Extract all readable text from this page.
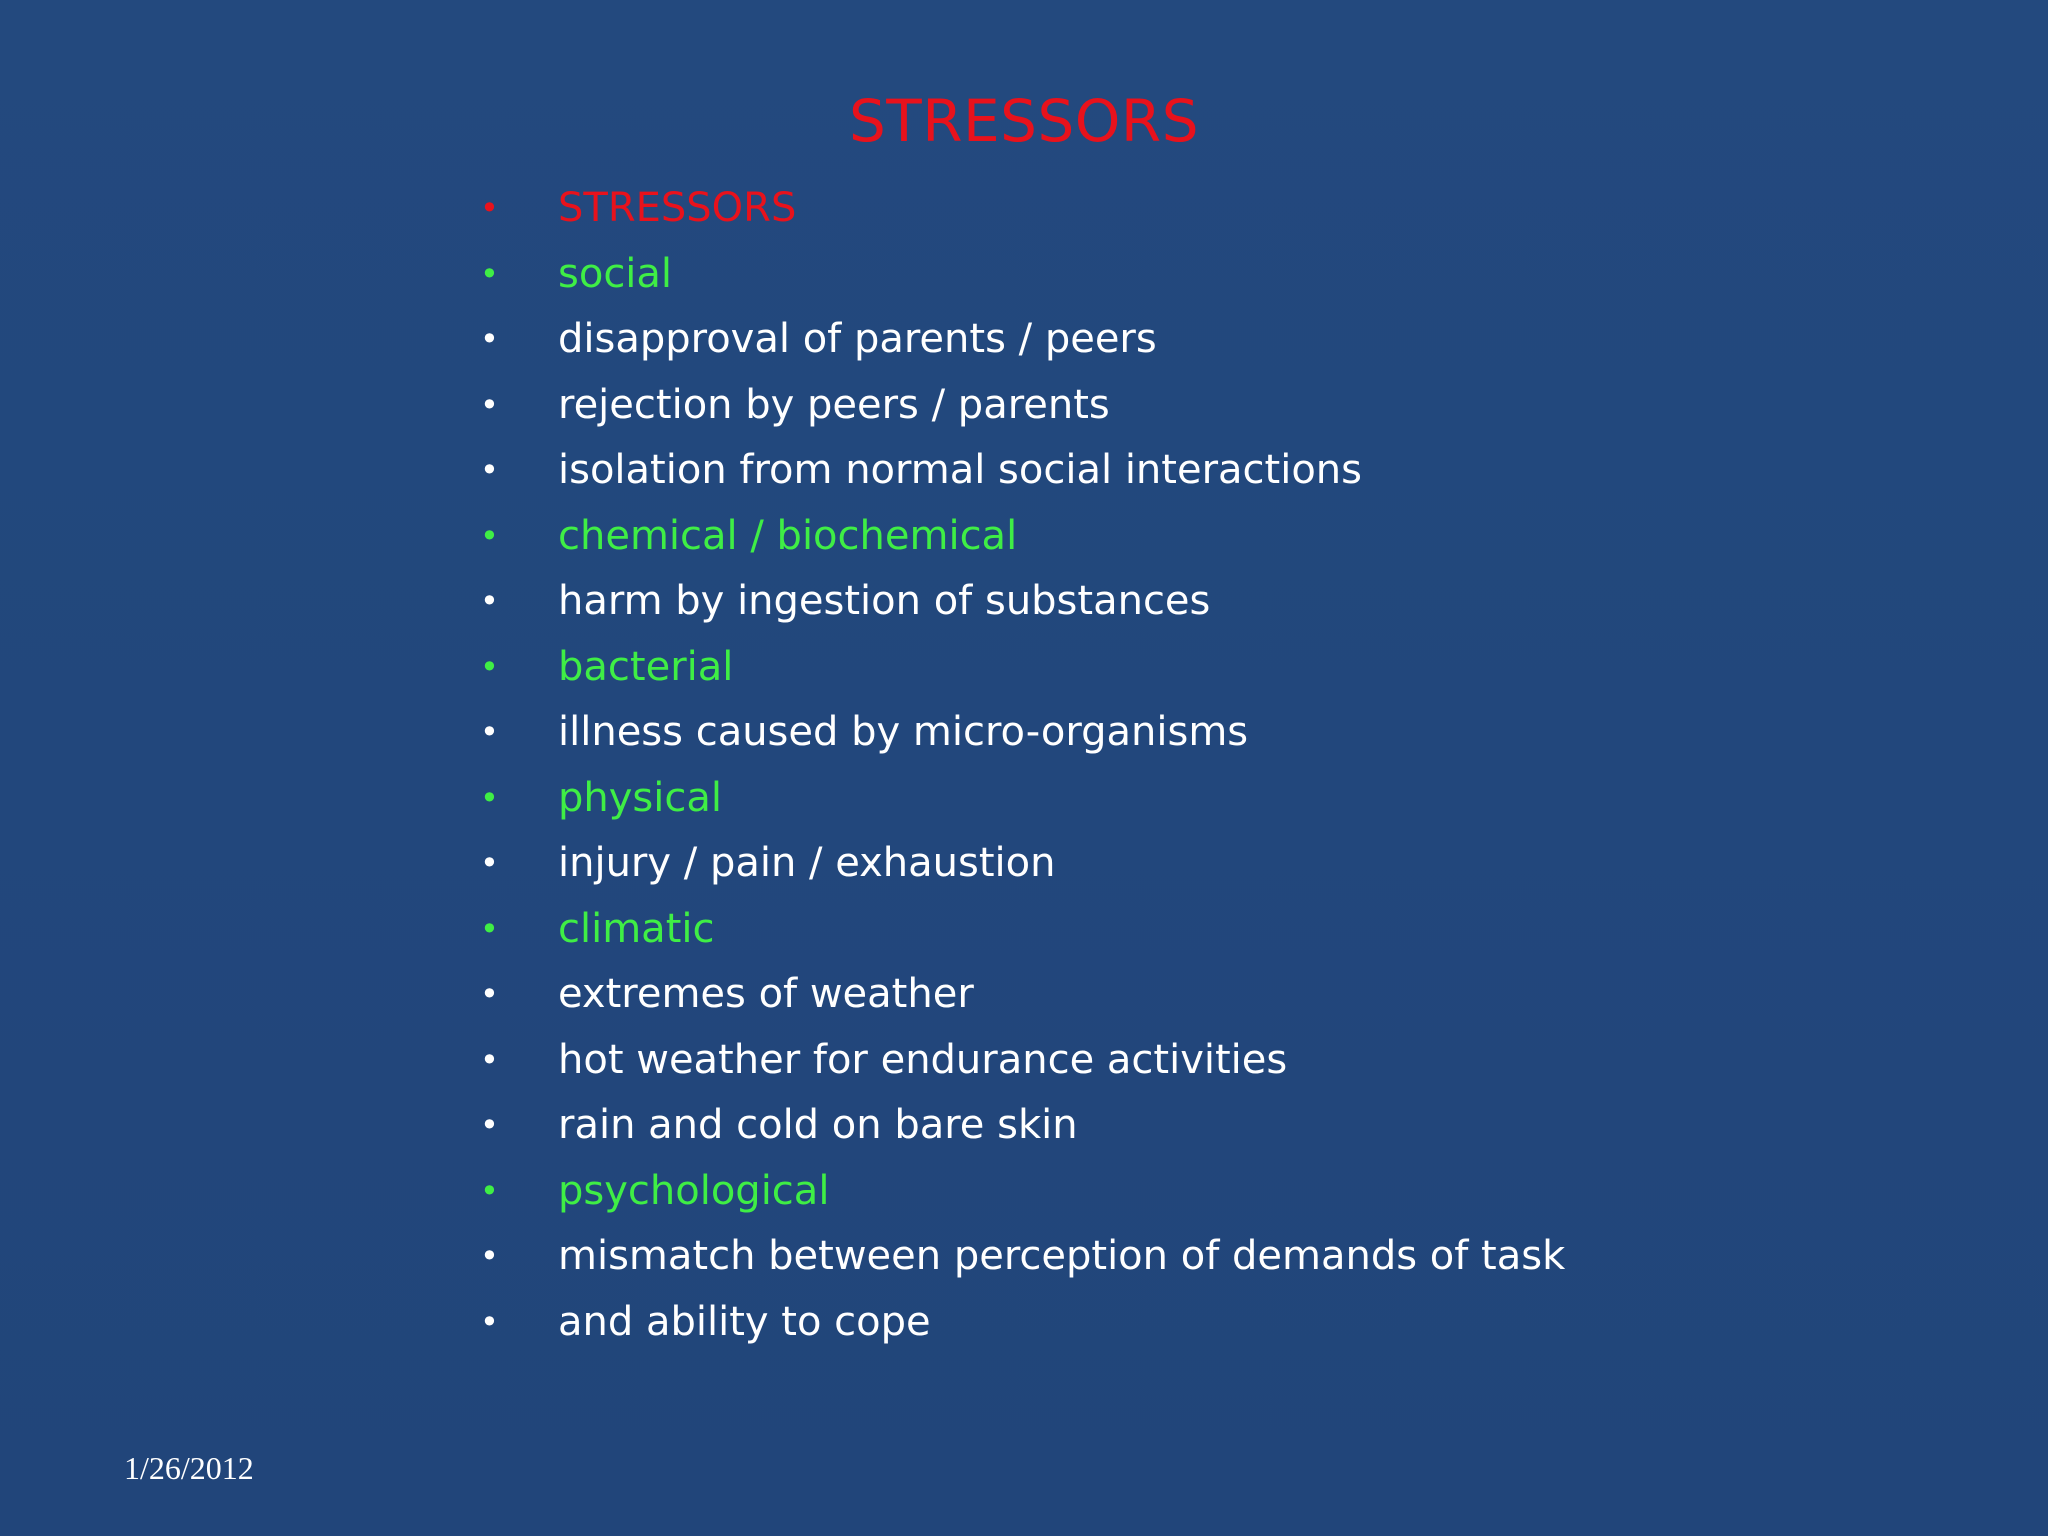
STRESSORS
• STRESSORS
• social
• disapproval of parents / peers
• rejection by peers / parents
• isolation from normal social interactions
• chemical / biochemical
• harm by ingestion of substances
• bacterial
• illness caused by micro-organisms
• physical
• injury / pain / exhaustion
• climatic
• extremes of weather
• hot weather for endurance activities
• rain and cold on bare skin
• psychological
• mismatch between perception of demands of task
• and ability to cope
1/26/2012
